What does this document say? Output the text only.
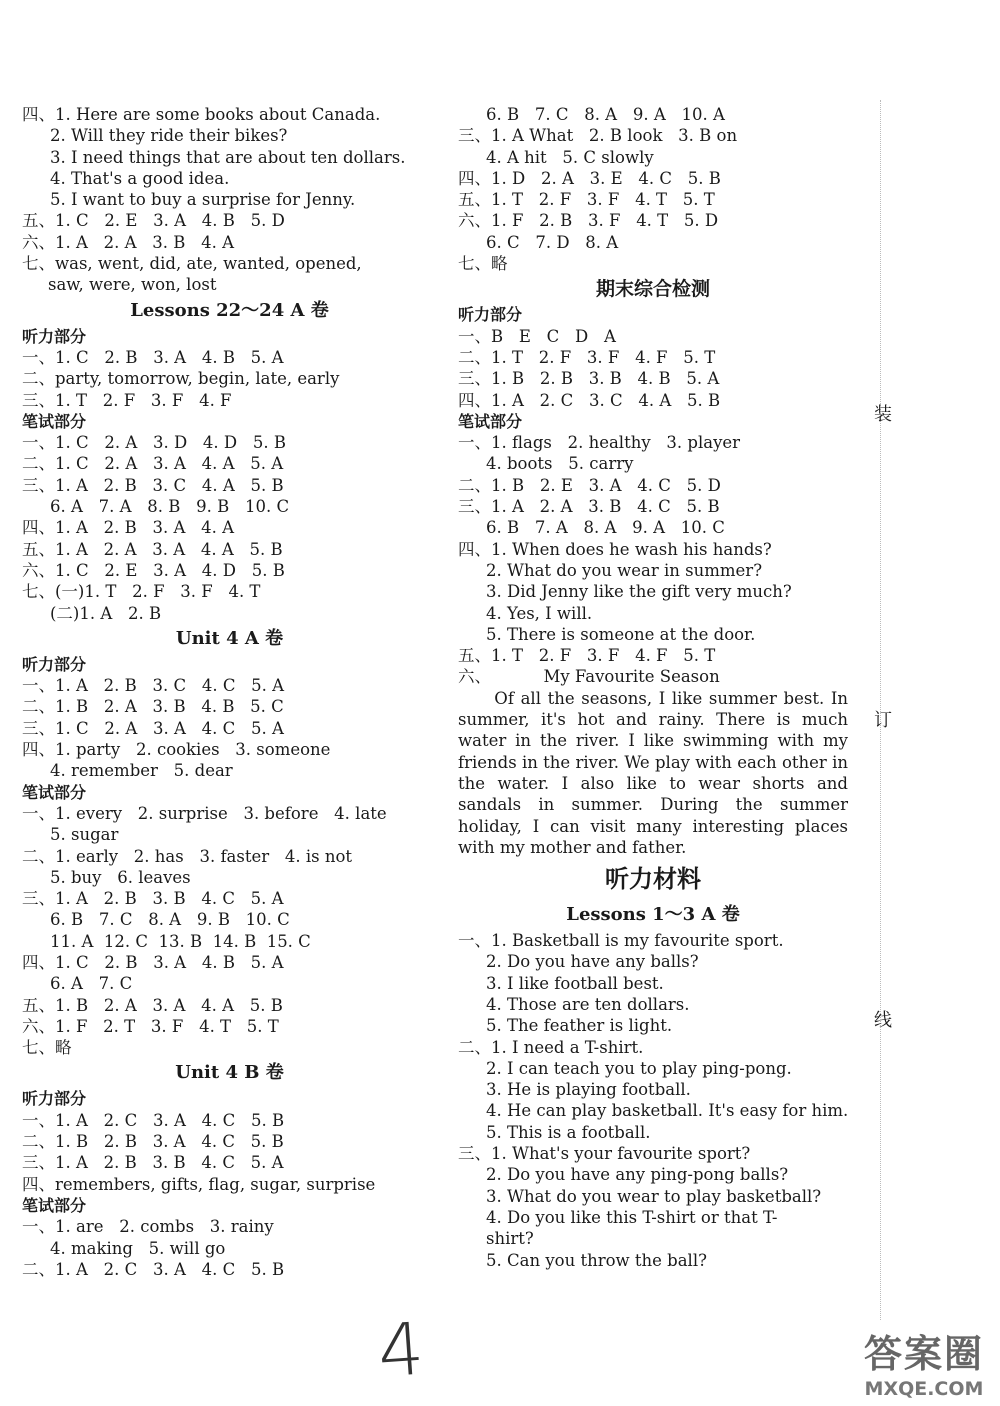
四、1. Here are some books about Canada.
2. Will they ride their bikes?
3. I need things that are about ten dollars.
4. That's a good idea.
5. I want to buy a surprise for Jenny.
五、1. C   2. E   3. A   4. B   5. D
六、1. A   2. A   3. B   4. A
七、was, went, did, ate, wanted, opened,
saw, were, won, lost
Lessons 22～24 A 卷
听力部分
一、1. C   2. B   3. A   4. B   5. A
二、party, tomorrow, begin, late, early
三、1. T   2. F   3. F   4. F
笔试部分
一、1. C   2. A   3. D   4. D   5. B
二、1. C   2. A   3. A   4. A   5. A
三、1. A   2. B   3. C   4. A   5. B
6. A   7. A   8. B   9. B   10. C
四、1. A   2. B   3. A   4. A
五、1. A   2. A   3. A   4. A   5. B
六、1. C   2. E   3. A   4. D   5. B
七、(一)1. T   2. F   3. F   4. T
(二)1. A   2. B
Unit 4 A 卷
听力部分
一、1. A   2. B   3. C   4. C   5. A
二、1. B   2. A   3. B   4. B   5. C
三、1. C   2. A   3. A   4. C   5. A
四、1. party   2. cookies   3. someone
4. remember   5. dear
笔试部分
一、1. every   2. surprise   3. before   4. late
5. sugar
二、1. early   2. has   3. faster   4. is not
5. buy   6. leaves
三、1. A   2. B   3. B   4. C   5. A
6. B   7. C   8. A   9. B   10. C
11. A  12. C  13. B  14. B  15. C
四、1. C   2. B   3. A   4. B   5. A
6. A   7. C
五、1. B   2. A   3. A   4. A   5. B
六、1. F   2. T   3. F   4. T   5. T
七、略
Unit 4 B 卷
听力部分
一、1. A   2. C   3. A   4. C   5. B
二、1. B   2. B   3. A   4. C   5. B
三、1. A   2. B   3. B   4. C   5. A
四、remembers, gifts, flag, sugar, surprise
笔试部分
一、1. are   2. combs   3. rainy
4. making   5. will go
二、1. A   2. C   3. A   4. C   5. B
6. B   7. C   8. A   9. A   10. A
三、1. A What   2. B look   3. B on
4. A hit   5. C slowly
四、1. D   2. A   3. E   4. C   5. B
五、1. T   2. F   3. F   4. T   5. T
六、1. F   2. B   3. F   4. T   5. D
6. C   7. D   8. A
七、略
期末综合检测
听力部分
一、B   E   C   D   A
二、1. T   2. F   3. F   4. F   5. T
三、1. B   2. B   3. B   4. B   5. A
四、1. A   2. C   3. C   4. A   5. B
笔试部分
一、1. flags   2. healthy   3. player
4. boots   5. carry
二、1. B   2. E   3. A   4. C   5. D
三、1. A   2. A   3. B   4. C   5. B
6. B   7. A   8. A   9. A   10. C
四、1. When does he wash his hands?
2. What do you wear in summer?
3. Did Jenny like the gift very much?
4. Yes, I will.
5. There is someone at the door.
五、1. T   2. F   3. F   4. F   5. T
六、          My Favourite Season

Of all the seasons, I like summer best. In summer, it's hot and rainy. There is much water in the river. I like swimming with my friends in the river. We play with each other in the water. I also like to wear shorts and sandals in summer. During the summer holiday, I can visit many interesting places with my mother and father.

听力材料
Lessons 1～3 A 卷
一、1. Basketball is my favourite sport.
2. Do you have any balls?
3. I like football best.
4. Those are ten dollars.
5. The feather is light.
二、1. I need a T-shirt.
2. I can teach you to play ping-pong.
3. He is playing football.
4. He can play basketball. It's easy for him.
5. This is a football.
三、1. What's your favourite sport?
2. Do you have any ping-pong balls?
3. What do you wear to play basketball?
4. Do you like this T-shirt or that T-
shirt?
5. Can you throw the ball?
装
订
线
4	答案圈
MXQE.COM
